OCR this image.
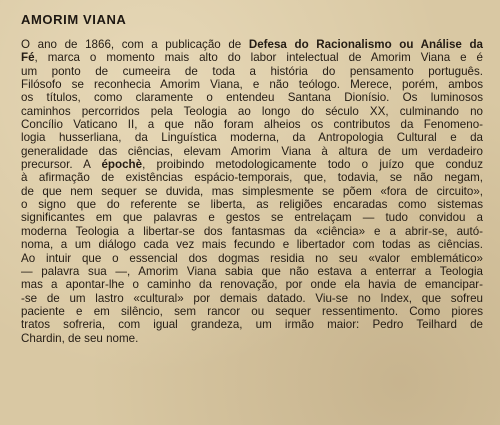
AMORIM VIANA
O ano de 1866, com a publicação de Defesa do Racionalismo ou Análise da
Fé, marca o momento mais alto do labor intelectual de Amorim Viana e é
um ponto de cumeeira de toda a história do pensamento português.
Filósofo se reconhecia Amorim Viana, e não teólogo. Merece, porém, ambos
os títulos, como claramente o entendeu Santana Dionísio. Os luminosos
caminhos percorridos pela Teologia ao longo do século XX, culminando no
Concílio Vaticano II, a que não foram alheios os contributos da Fenomeno-
logia husserliana, da Linguística moderna, da Antropologia Cultural e da
generalidade das ciências, elevam Amorim Viana à altura de um verdadeiro
precursor. A épochè, proibindo metodologicamente todo o juízo que conduz
à afirmação de existências espácio-temporais, que, todavia, se não negam,
de que nem sequer se duvida, mas simplesmente se põem «fora de circuito»,
o signo que do referente se liberta, as religiões encaradas como sistemas
significantes em que palavras e gestos se entrelaçam — tudo convidou a
moderna Teologia a libertar-se dos fantasmas da «ciência» e a abrir-se, autó-
noma, a um diálogo cada vez mais fecundo e libertador com todas as ciências.
Ao intuir que o essencial dos dogmas residia no seu «valor emblemático»
— palavra sua —, Amorim Viana sabia que não estava a enterrar a Teologia
mas a apontar-lhe o caminho da renovação, por onde ela havia de emancipar-
-se de um lastro «cultural» por demais datado. Viu-se no Index, que sofreu
paciente e em silêncio, sem rancor ou sequer ressentimento. Como piores
tratos sofreria, com igual grandeza, um irmão maior: Pedro Teilhard de
Chardin, de seu nome.
